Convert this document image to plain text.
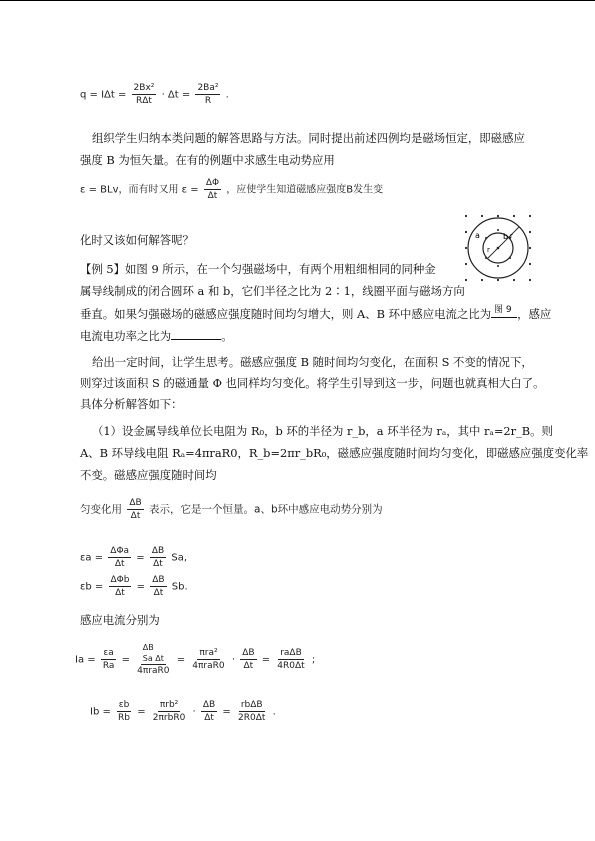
$q = I\Delta t = \frac{\text{2Bx²}}{\text{RΔt}} \cdot \Delta t = \frac{\text{2Ba²}}{R}$ .
组织学生归纳本类问题的解答思路与方法。同时提出前述四例均是磁场恒定，即磁感应
强度 B 为恒矢量。在有的例题中求感生电动势应用
ε = BLv，而有时又用 $\varepsilon = \frac{\Delta\Phi}{\Delta t}$ ，应使学生知道磁感应强度B发生变
化时又该如何解答呢？	a	b r
r
图 9
【例 5】如图 9 所示，在一个匀强磁场中，有两个用粗细相同的同种金
属导线制成的闭合圆环 a 和 b，它们半径之比为 2∶1，线圈平面与磁场方向
垂直。如果匀强磁场的磁感应强度随时间均匀增大，则 A、B 环中感应电流之比为 ，感应
电流电功率之比为	。
给出一定时间，让学生思考。磁感应强度 B 随时间均匀变化，在面积 S 不变的情况下，
则穿过该面积 S 的磁通量 Φ 也同样均匀变化。将学生引导到这一步，问题也就真相大白了。
具体分析解答如下：
（1）设金属导线单位长电阻为 R₀，b 环的半径为 r_b，a 环半径为 rₐ，其中 rₐ=2r_B。则
A、B 环导线电阻 Rₐ=4πraR0，R_b=2πr_bR₀，磁感应强度随时间均匀变化，即磁感应强度变化率
不变。磁感应强度随时间均
匀变化用 $\frac{\Delta B}{\Delta t}$ 表示，它是一个恒量。a、b环中感应电动势分别为
$\varepsilon a = \frac{\text{ΔΦa}}{\Delta t} = \frac{\Delta B}{\Delta t} Sa$,
$\varepsilon b = \frac{\text{ΔΦb}}{\Delta t} = \frac{\Delta B}{\Delta t} Sb$.
感应电流分别为
$Ia = \frac{\varepsilon a}{Ra}$ =
ΔB
Sa Δt
4πraR0
= $\frac{\text{πra²}}{\text{4πraR0}} \cdot \frac{\Delta B}{\Delta t} = \frac{\text{raΔB}}{4R0\Delta t}$ ;
$Ib = \frac{\varepsilon b}{Rb} = \frac{\text{πrb²}}{\text{2πrbR0}} \cdot \frac{\Delta B}{\Delta t} = \frac{\text{rbΔB}}{2R0\Delta t}$ .
